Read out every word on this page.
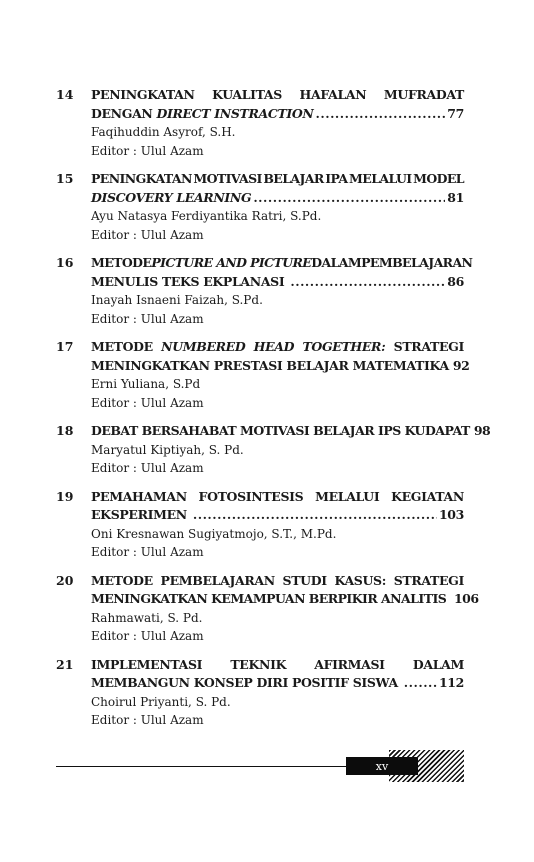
14 PENINGKATAN KUALITAS HAFALAN MUFRADAT
DENGAN DIRECT INSTRACTION .....	77
Faqihuddin Asyrof, S.H.
Editor : Ulul Azam
15 PENINGKATAN MOTIVASI BELAJAR IPA MELALUI MODEL
DISCOVERY LEARNING .....	81
Ayu Natasya Ferdiyantika Ratri, S.Pd.
Editor : Ulul Azam
16 METODE PICTURE AND PICTURE DALAM PEMBELAJARAN
MENULIS TEKS EKPLANASI .....	86
Inayah Isnaeni Faizah, S.Pd.
Editor : Ulul Azam
17 METODE NUMBERED HEAD TOGETHER: STRATEGI
MENINGKATKAN PRESTASI BELAJAR MATEMATIKA 92
Erni Yuliana, S.Pd
Editor : Ulul Azam
18 DEBAT BERSAHABAT MOTIVASI BELAJAR IPS KUDAPAT 98
Maryatul Kiptiyah, S. Pd.
Editor : Ulul Azam
19 PEMAHAMAN FOTOSINTESIS MELALUI KEGIATAN
EKSPERIMEN .....	103
Oni Kresnawan Sugiyatmojo, S.T., M.Pd.
Editor : Ulul Azam
20 METODE PEMBELAJARAN STUDI KASUS: STRATEGI
MENINGKATKAN KEMAMPUAN BERPIKIR ANALITIS 106
Rahmawati, S. Pd.
Editor : Ulul Azam
21 IMPLEMENTASI TEKNIK AFIRMASI DALAM
MEMBANGUN KONSEP DIRI POSITIF SISWA .....	112
Choirul Priyanti, S. Pd.
Editor : Ulul Azam
xv
